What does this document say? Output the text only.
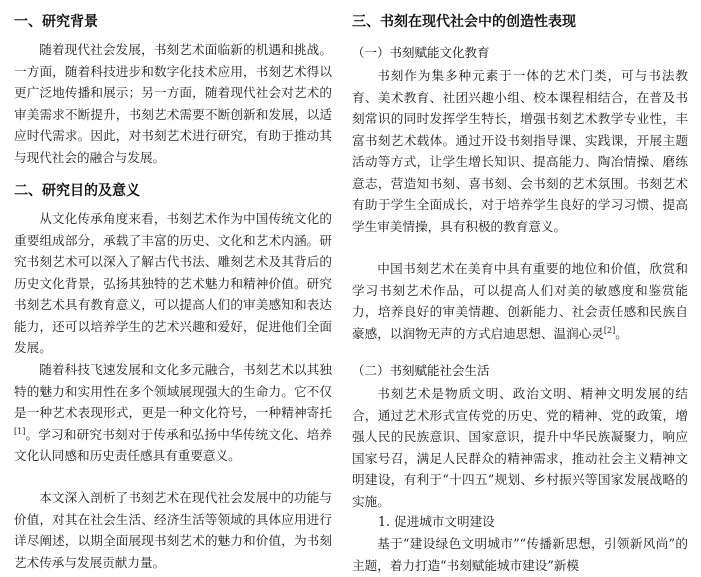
一、研究背景

随着现代社会发展，书刻艺术面临新的机遇和挑战。一方面，随着科技进步和数字化技术应用，书刻艺术得以更广泛地传播和展示；另一方面，随着现代社会对艺术的审美需求不断提升，书刻艺术需要不断创新和发展，以适应时代需求。因此，对书刻艺术进行研究，有助于推动其与现代社会的融合与发展。

二、研究目的及意义

从文化传承角度来看，书刻艺术作为中国传统文化的重要组成部分，承载了丰富的历史、文化和艺术内涵。研究书刻艺术可以深入了解古代书法、雕刻艺术及其背后的历史文化背景，弘扬其独特的艺术魅力和精神价值。研究书刻艺术具有教育意义，可以提高人们的审美感知和表达能力，还可以培养学生的艺术兴趣和爱好，促进他们全面发展。

随着科技飞速发展和文化多元融合，书刻艺术以其独特的魅力和实用性在多个领域展现强大的生命力。它不仅是一种艺术表现形式，更是一种文化符号，一种精神寄托[1]。学习和研究书刻对于传承和弘扬中华传统文化、培养文化认同感和历史责任感具有重要意义。

本文深入剖析了书刻艺术在现代社会发展中的功能与价值，对其在社会生活、经济生活等领域的具体应用进行详尽阐述，以期全面展现书刻艺术的魅力和价值，为书刻艺术传承与发展贡献力量。

三、书刻在现代社会中的创造性表现
（一）书刻赋能文化教育

书刻作为集多种元素于一体的艺术门类，可与书法教育、美术教育、社团兴趣小组、校本课程相结合，在普及书刻常识的同时发挥学生特长，增强书刻艺术教学专业性，丰富书刻艺术载体。通过开设书刻指导课、实践课，开展主题活动等方式，让学生增长知识、提高能力、陶冶情操、磨练意志，营造知书刻、喜书刻、会书刻的艺术氛围。书刻艺术有助于学生全面成长，对于培养学生良好的学习习惯、提高学生审美情操，具有积极的教育意义。

中国书刻艺术在美育中具有重要的地位和价值，欣赏和学习书刻艺术作品，可以提高人们对美的敏感度和鉴赏能力，培养良好的审美情趣、创新能力、社会责任感和民族自豪感，以润物无声的方式启迪思想、温润心灵[2]。

（二）书刻赋能社会生活

书刻艺术是物质文明、政治文明、精神文明发展的结合，通过艺术形式宣传党的历史、党的精神、党的政策，增强人民的民族意识、国家意识，提升中华民族凝聚力，响应国家号召，满足人民群众的精神需求，推动社会主义精神文明建设，有利于“十四五”规划、乡村振兴等国家发展战略的实施。

1. 促进城市文明建设

基于“建设绿色文明城市”“传播新思想，引领新风尚”的主题，着力打造“书刻赋能城市建设”新模
